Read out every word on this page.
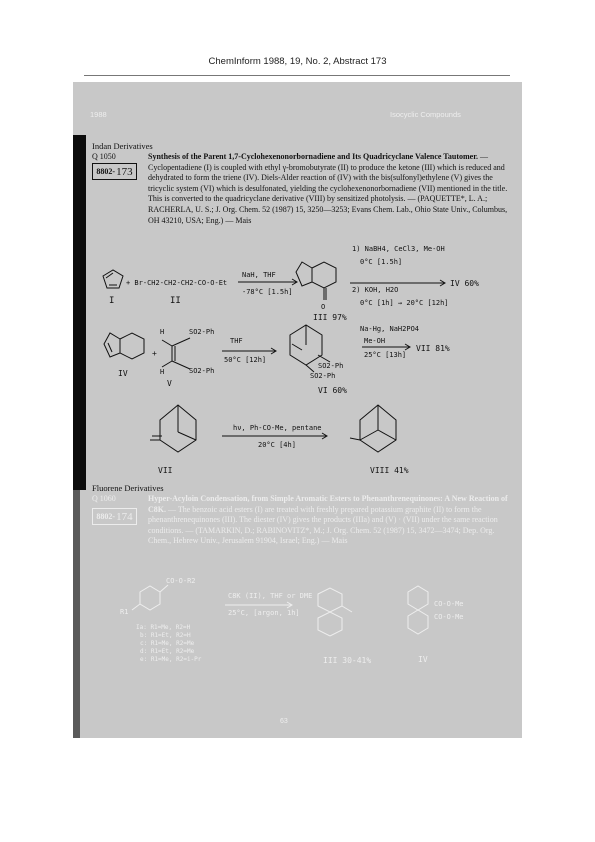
ChemInform 1988, 19, No. 2, Abstract 173
1988	Isocyclic Compounds
Indan Derivatives
Q 1050
8802- 173
Synthesis of the Parent 1,7-Cyclohexenonorbornadiene and Its Quadricyclane Valence Tautomer. — Cyclopentadiene (I) is coupled with ethyl γ-bromobutyrate (II) to produce the ketone (III) which is reduced and dehydrated to form the triene (IV). Diels-Alder reaction of (IV) with the bis(sulfonyl)ethylene (V) gives the tricyclic system (VI) which is desulfonated, yielding the cyclohexenonorbornadiene (VII) mentioned in the title. This is converted to the quadricyclane derivative (VIII) by sensitized photolysis. — (PAQUETTE*, L. A.; RACHERLA, U. S.; J. Org. Chem. 52 (1987) 15, 3250—3253; Evans Chem. Lab., Ohio State Univ., Columbus, OH 43210, USA; Eng.) — Mais
Fluorene Derivatives
Q 1060
8802- 174
Hyper-Acyloin Condensation, from Simple Aromatic Esters to Phenanthrenequinones: A New Reaction of C8K. — The benzoic acid esters (I) are treated with freshly prepared potassium graphite (II) to form the phenanthrenequinones (III). The diester (IV) gives the products (IIIa) and (V) · (VII) under the same reaction conditions. — (TAMARKIN, D.; RABINOVITZ*, M.; J. Org. Chem. 52 (1987) 15, 3472—3474; Dep. Org. Chem., Hebrew Univ., Jerusalem 91904, Israel; Eng.) — Mais
I
+ Br-CH2-CH2-CH2-CO-O-Et
II
NaH, THF
-78°C [1.5h]
O
III 97%
1) NaBH4, CeCl3, Me-OH
0°C [1.5h]
2) KOH, H2O
0°C [1h] → 20°C [12h]
IV 60%
IV
+
H	SO2-Ph
H	SO2-Ph
V
THF
50°C [12h]
SO2-Ph
SO2-Ph
VI 60%
Na-Hg, NaH2PO4
Me-OH
25°C [13h]
VII 81%
hν, Ph-CO-Me, pentane
20°C [4h]
VII	VIII 41%
CO-O-R2
R1
Ia: R1=Me, R2=H
b: R1=Et, R2=H
c: R1=Me, R2=Me
d: R1=Et, R2=Me
e: R1=Me, R2=i-Pr
C8K (II), THF or DME
25°C, [argon, 1h]
III 30-41%
CO-O-Me
CO-O-Me
IV
63
